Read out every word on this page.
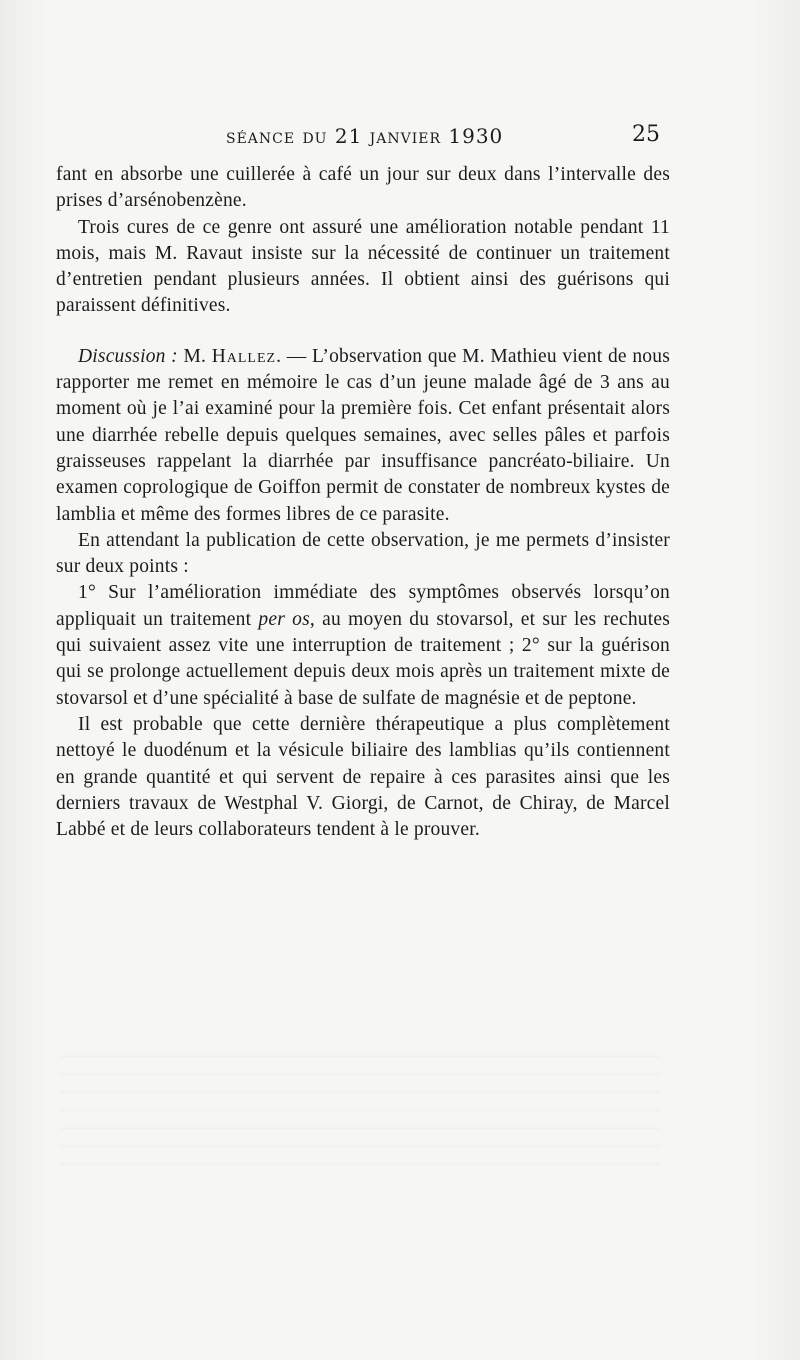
séance du 21 janvier 1930	25

fant en absorbe une cuillerée à café un jour sur deux dans l’intervalle des prises d’arsénobenzène.

Trois cures de ce genre ont assuré une amélioration notable pendant 11 mois, mais M. Ravaut insiste sur la nécessité de continuer un traitement d’entretien pendant plusieurs années. Il obtient ainsi des guérisons qui paraissent définitives.

Discussion : M. Hallez. — L’observation que M. Mathieu vient de nous rapporter me remet en mémoire le cas d’un jeune malade âgé de 3 ans au moment où je l’ai examiné pour la première fois. Cet enfant présentait alors une diarrhée rebelle depuis quelques semaines, avec selles pâles et parfois graisseuses rappelant la diarrhée par insuffisance pancréato-biliaire. Un examen coprologique de Goiffon permit de constater de nombreux kystes de lamblia et même des formes libres de ce parasite.

En attendant la publication de cette observation, je me permets d’insister sur deux points :

1° Sur l’amélioration immédiate des symptômes observés lorsqu’on appliquait un traitement per os, au moyen du stovarsol, et sur les rechutes qui suivaient assez vite une interruption de traitement ; 2° sur la guérison qui se prolonge actuellement depuis deux mois après un traitement mixte de stovarsol et d’une spécialité à base de sulfate de magnésie et de peptone.

Il est probable que cette dernière thérapeutique a plus complètement nettoyé le duodénum et la vésicule biliaire des lamblias qu’ils contiennent en grande quantité et qui servent de repaire à ces parasites ainsi que les derniers travaux de Westphal V. Giorgi, de Carnot, de Chiray, de Marcel Labbé et de leurs collaborateurs tendent à le prouver.
